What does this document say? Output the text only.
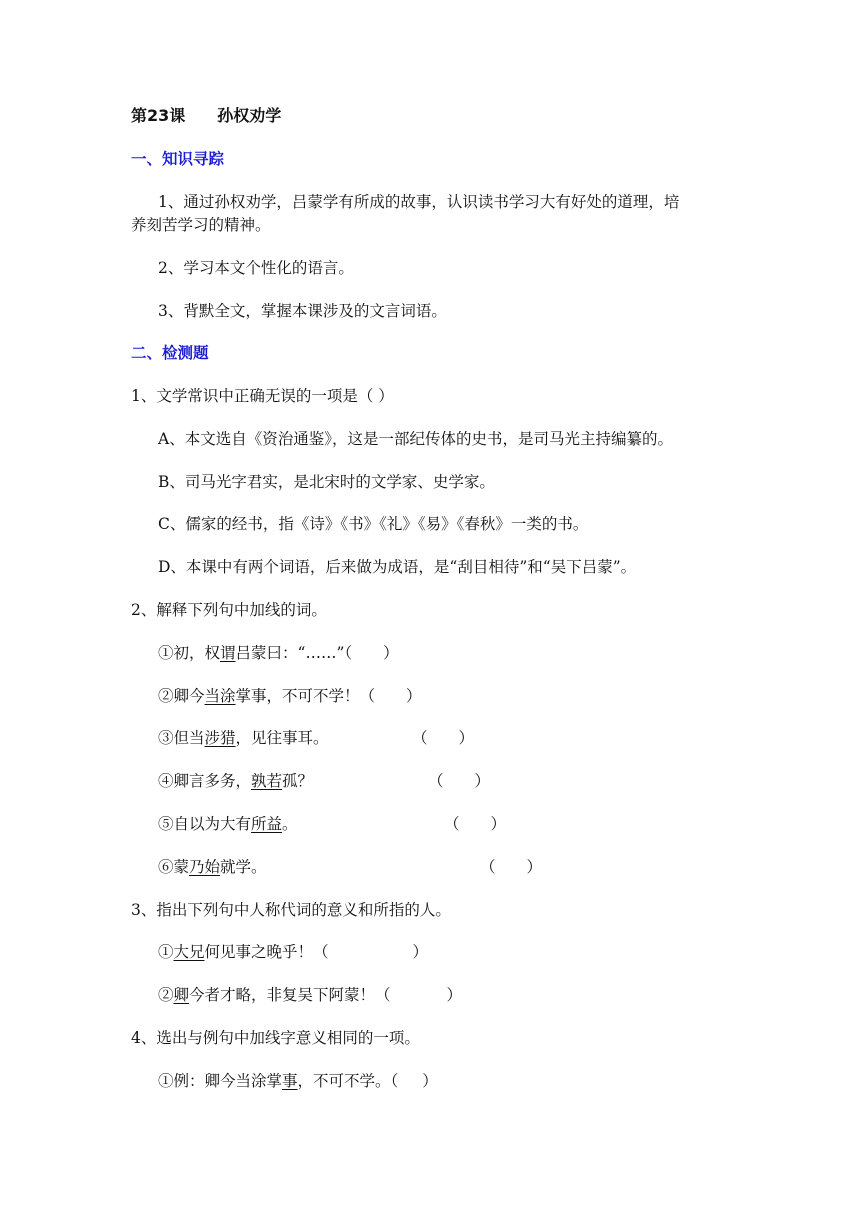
第23课 孙权劝学
一、知识寻踪
1、通过孙权劝学，吕蒙学有所成的故事，认识读书学习大有好处的道理，培
养刻苦学习的精神。
2、学习本文个性化的语言。
3、背默全文，掌握本课涉及的文言词语。
二、检测题
1、文学常识中正确无误的一项是（ ）
A、本文选自《资治通鉴》，这是一部纪传体的史书，是司马光主持编纂的。
B、司马光字君实，是北宋时的文学家、史学家。
C、儒家的经书，指《诗》《书》《礼》《易》《春秋》一类的书。
D、本课中有两个词语，后来做为成语，是“刮目相待”和“吴下吕蒙”。
2、解释下列句中加线的词。
①初，权谓吕蒙曰：“……”（　　）
②卿今当涂掌事，不可不学！（　　）
③但当涉猎，见往事耳。	（　　）
④卿言多务，孰若孤？	（　　）
⑤自以为大有所益。	（　　）
⑥蒙乃始就学。	（　　）
3、指出下列句中人称代词的意义和所指的人。
①大兄何见事之晚乎！（	）
②卿今者才略，非复吴下阿蒙！（	）
4、选出与例句中加线字意义相同的一项。
①例：卿今当涂掌事，不可不学。（ ）
